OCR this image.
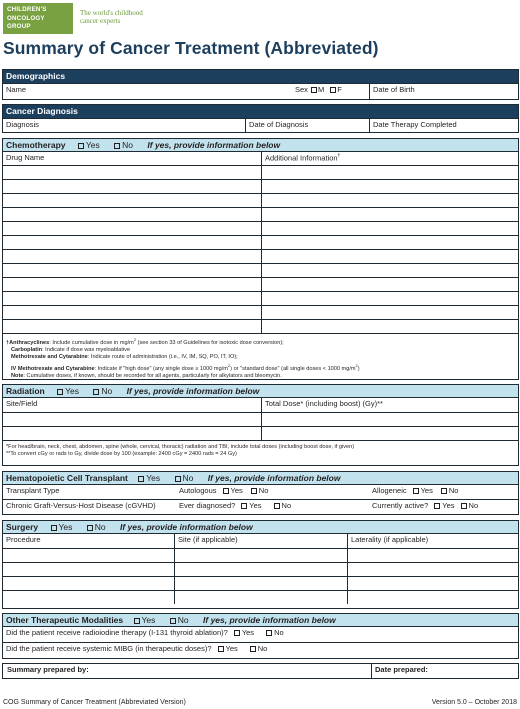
CHILDREN'S
ONCOLOGY
GROUP
The world's childhood
cancer experts
Summary of Cancer Treatment (Abbreviated)
Demographics
Name	Sex M F	Date of Birth
Cancer Diagnosis
Diagnosis	Date of Diagnosis	Date Therapy Completed
Chemotherapy Yes	No If yes, provide information below
Drug Name	Additional Information†
†Anthracyclines: Include cumulative dose in $mg/m^2$ (see section 33 of Guidelines for isotoxic dose conversion);
Carboplatin: Indicate if dose was myeloablative
Methotrexate and Cytarabine: Indicate route of administration (i.e., IV, IM, SQ, PO, IT, IO);
IV Methotrexate and Cytarabine: Indicate if "high dose" (any single dose ≥ 1000 $mg/m^2$) or "standard dose" (all single doses < 1000 $mg/m^2$)
Note: Cumulative doses, if known, should be recorded for all agents, particularly for alkylators and bleomycin.
Radiation Yes	No If yes, provide information below
Site/Field	Total Dose* (including boost) (Gy)**
*For head/brain, neck, chest, abdomen, spine (whole, cervical, thoracic) radiation and TBI, include total doses (including boost dose, if given)
**To convert cGy or rads to Gy, divide dose by 100 (example: 2400 cGy = 2400 rads = 24 Gy)
Hematopoietic Cell Transplant Yes	No If yes, provide information below
Transplant Type	Autologous Yes No	Allogeneic Yes No
Chronic Graft-Versus-Host Disease (cGVHD)	Ever diagnosed? Yes	No	Currently active? Yes No
Surgery Yes	No If yes, provide information below
Procedure	Site (if applicable)	Laterality (if applicable)
Other Therapeutic Modalities Yes	No If yes, provide information below
Did the patient receive radioiodine therapy (I-131 thyroid ablation)? Yes	No
Did the patient receive systemic MIBG (in therapeutic doses)? Yes	No
Summary prepared by:	Date prepared:
COG Summary of Cancer Treatment (Abbreviated Version)	Version 5.0 – October 2018
